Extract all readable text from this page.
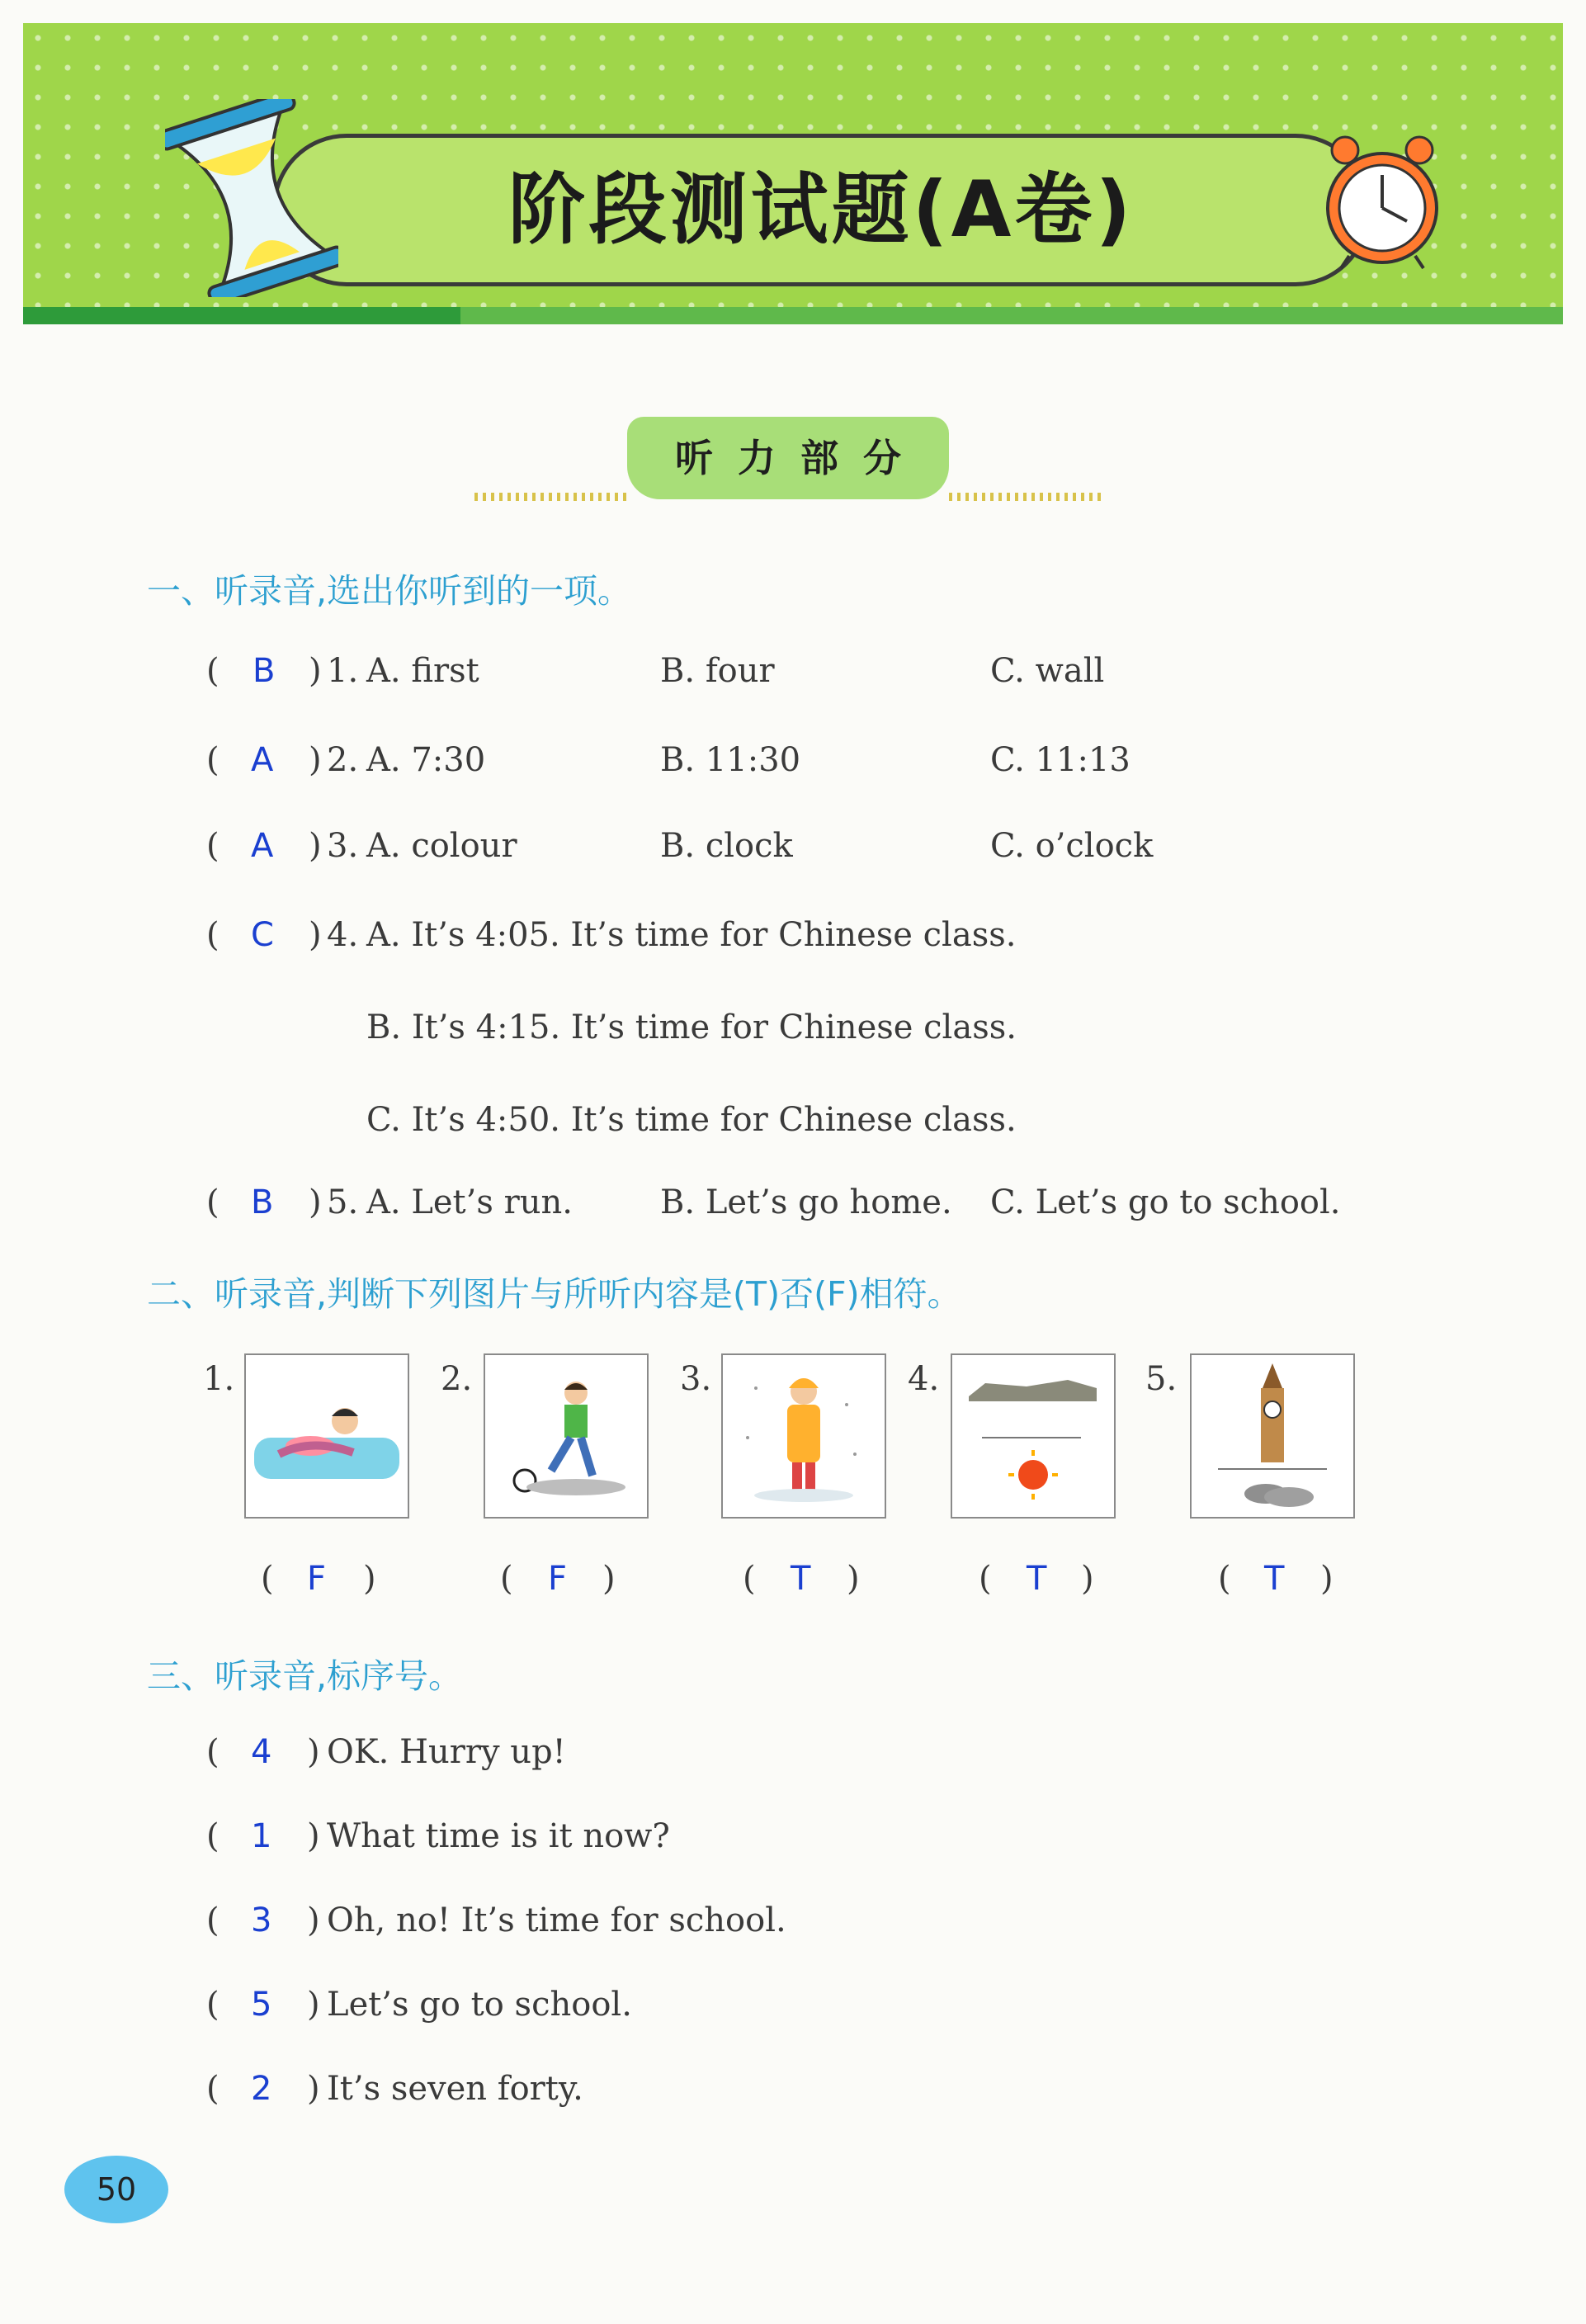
阶段测试题(A卷)
听力部分
一、听录音,选出你听到的一项。
( B ) 1. A. first	B. four	C. wall
( A ) 2. A. 7:30	B. 11:30	C. 11:13
( A ) 3. A. colour	B. clock	C. o’clock
( C ) 4. A. It’s 4:05. It’s time for Chinese class.
B. It’s 4:15. It’s time for Chinese class.
C. It’s 4:50. It’s time for Chinese class.
( B ) 5. A. Let’s run.	B. Let’s go home. C. Let’s go to school.
二、听录音,判断下列图片与所听内容是(T)否(F)相符。
1.	2.	3.	4.	5.
( F )	( F )	( T )	( T )	( T )
三、听录音,标序号。
( 4 ) OK. Hurry up!
( 1 ) What time is it now?
( 3 ) Oh, no! It’s time for school.
( 5 ) Let’s go to school.
( 2 ) It’s seven forty.
50
